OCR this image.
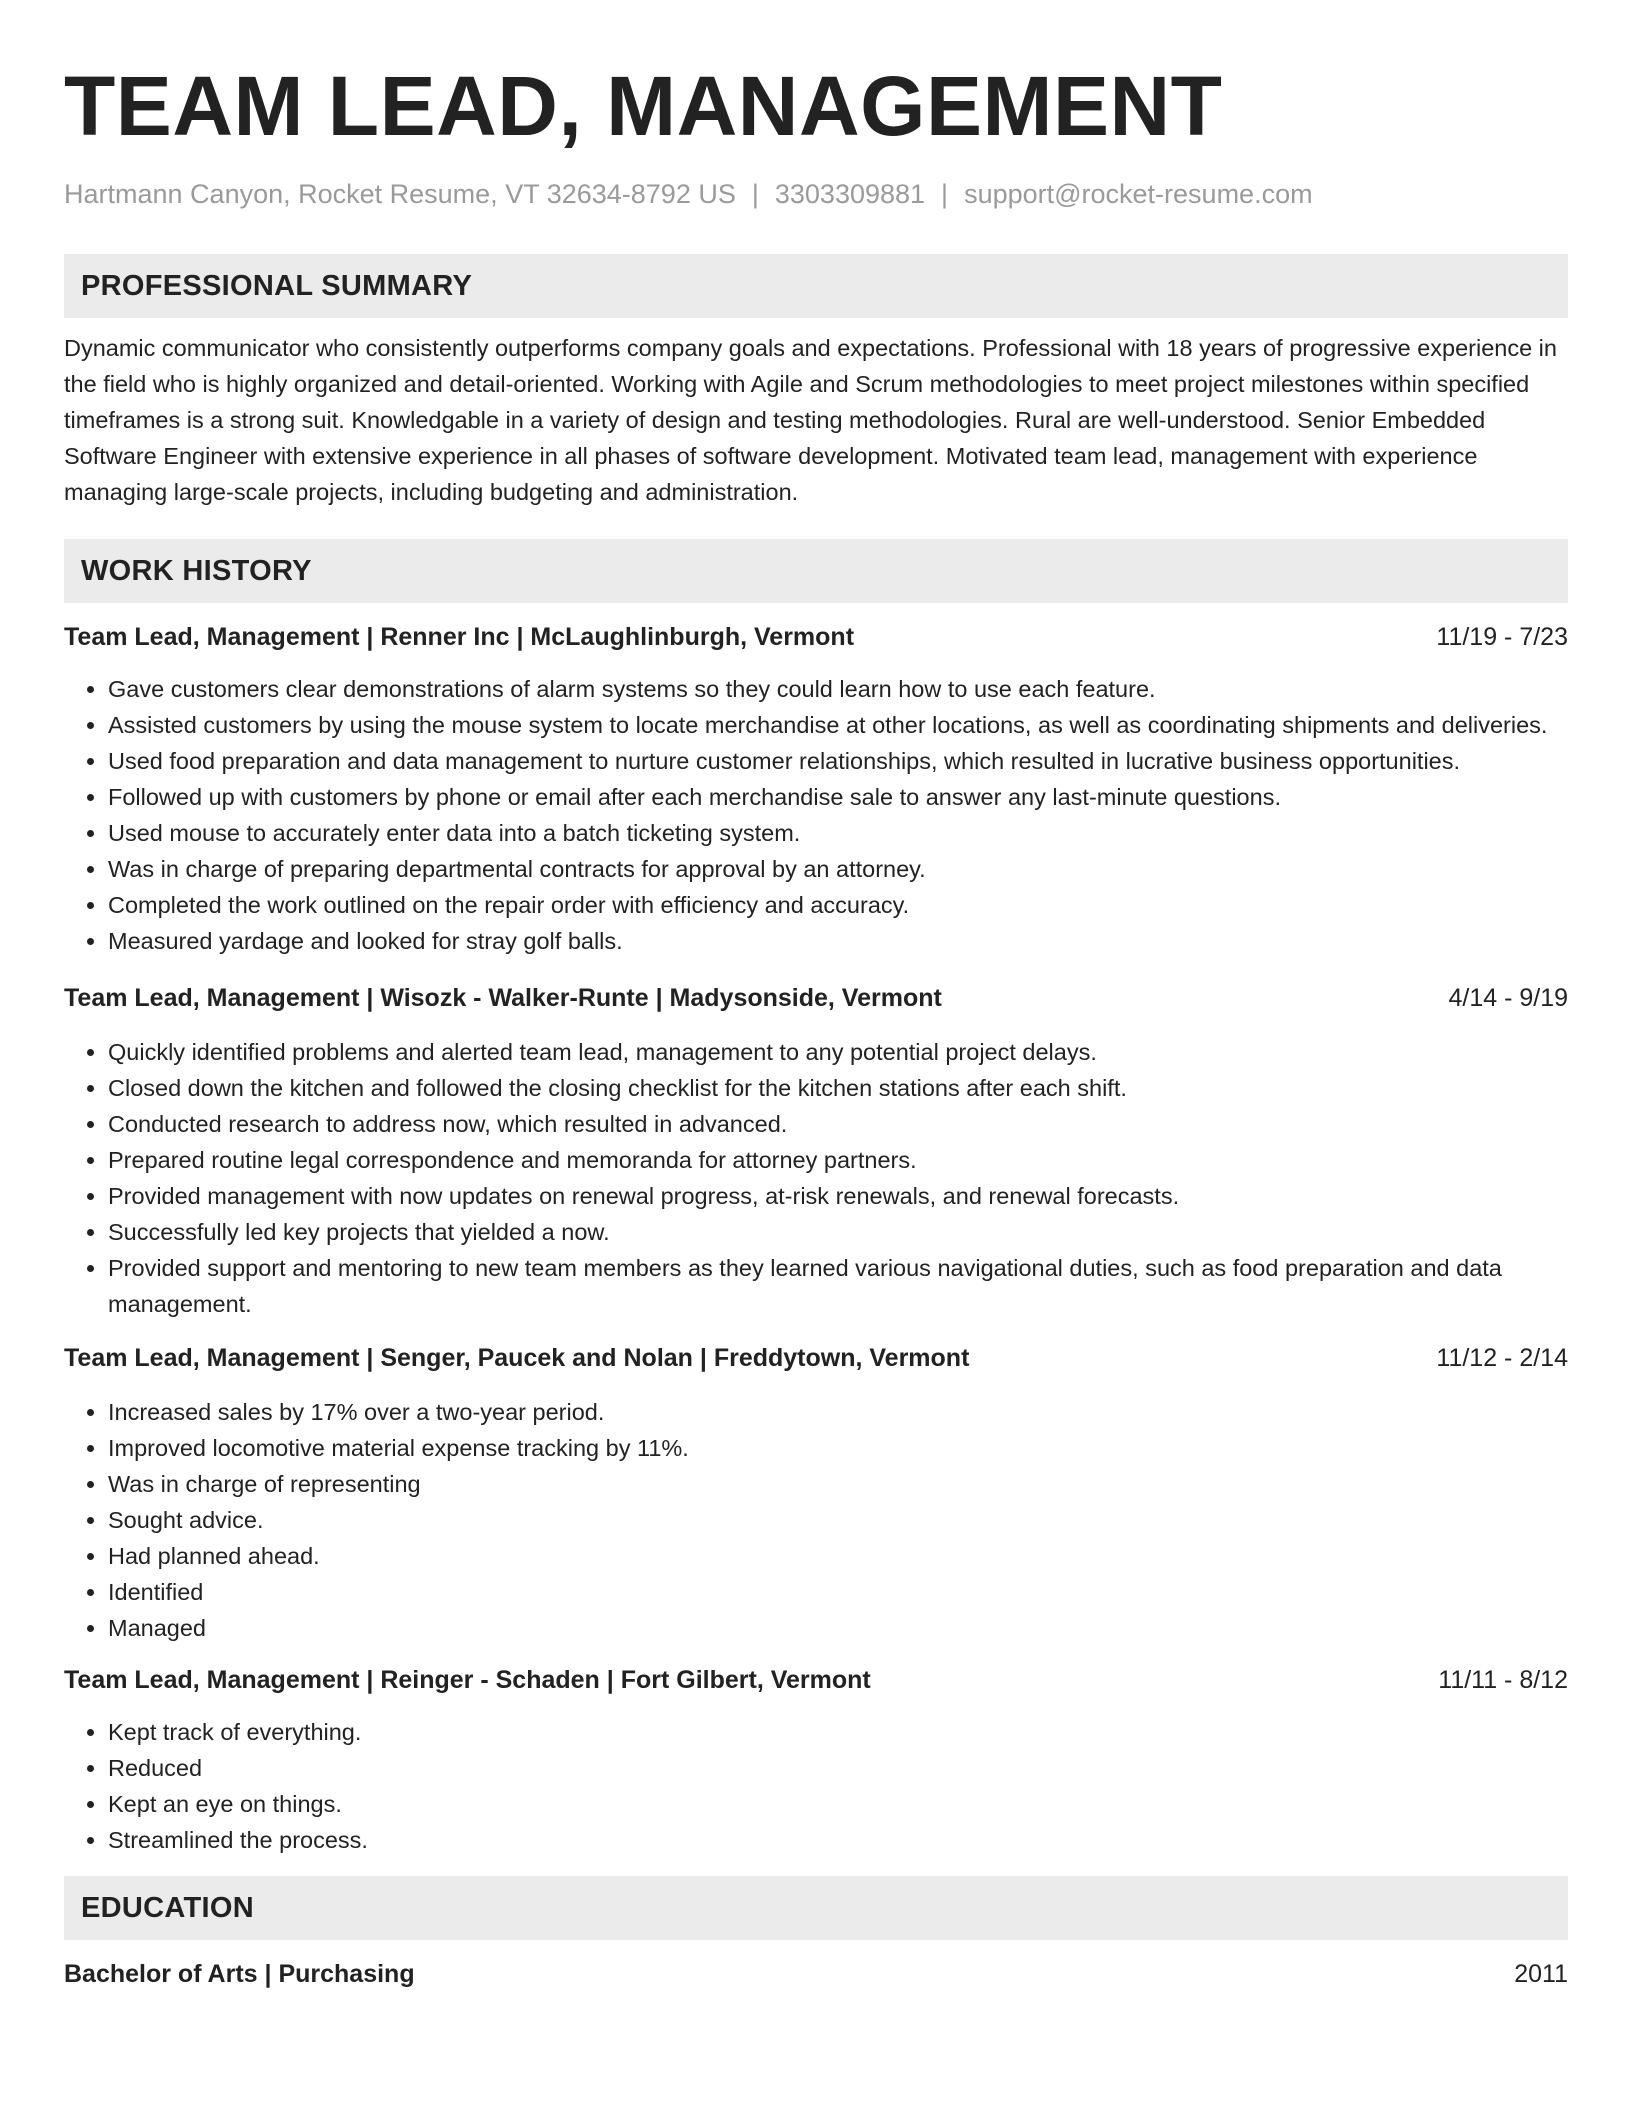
TEAM LEAD, MANAGEMENT
Hartmann Canyon, Rocket Resume, VT 32634-8792 US | 3303309881 | support@rocket-resume.com
PROFESSIONAL SUMMARY

Dynamic communicator who consistently outperforms company goals and expectations. Professional with 18 years of progressive experience in the field who is highly organized and detail-oriented. Working with Agile and Scrum methodologies to meet project milestones within specified timeframes is a strong suit. Knowledgable in a variety of design and testing methodologies. Rural are well-understood. Senior Embedded Software Engineer with extensive experience in all phases of software development. Motivated team lead, management with experience managing large-scale projects, including budgeting and administration.

WORK HISTORY
Team Lead, Management | Renner Inc | McLaughlinburgh, Vermont	11/19 - 7/23
• Gave customers clear demonstrations of alarm systems so they could learn how to use each feature.
• Assisted customers by using the mouse system to locate merchandise at other locations, as well as coordinating shipments and deliveries.
• Used food preparation and data management to nurture customer relationships, which resulted in lucrative business opportunities.
• Followed up with customers by phone or email after each merchandise sale to answer any last-minute questions.
• Used mouse to accurately enter data into a batch ticketing system.
• Was in charge of preparing departmental contracts for approval by an attorney.
• Completed the work outlined on the repair order with efficiency and accuracy.
• Measured yardage and looked for stray golf balls.
Team Lead, Management | Wisozk - Walker-Runte | Madysonside, Vermont	4/14 - 9/19
• Quickly identified problems and alerted team lead, management to any potential project delays.
• Closed down the kitchen and followed the closing checklist for the kitchen stations after each shift.
• Conducted research to address now, which resulted in advanced.
• Prepared routine legal correspondence and memoranda for attorney partners.
• Provided management with now updates on renewal progress, at-risk renewals, and renewal forecasts.
• Successfully led key projects that yielded a now.
• Provided support and mentoring to new team members as they learned various navigational duties, such as food preparation and data management.
Team Lead, Management | Senger, Paucek and Nolan | Freddytown, Vermont	11/12 - 2/14
• Increased sales by 17% over a two-year period.
• Improved locomotive material expense tracking by 11%.
• Was in charge of representing
• Sought advice.
• Had planned ahead.
• Identified
• Managed
Team Lead, Management | Reinger - Schaden | Fort Gilbert, Vermont	11/11 - 8/12
• Kept track of everything.
• Reduced
• Kept an eye on things.
• Streamlined the process.
EDUCATION
Bachelor of Arts | Purchasing	2011
